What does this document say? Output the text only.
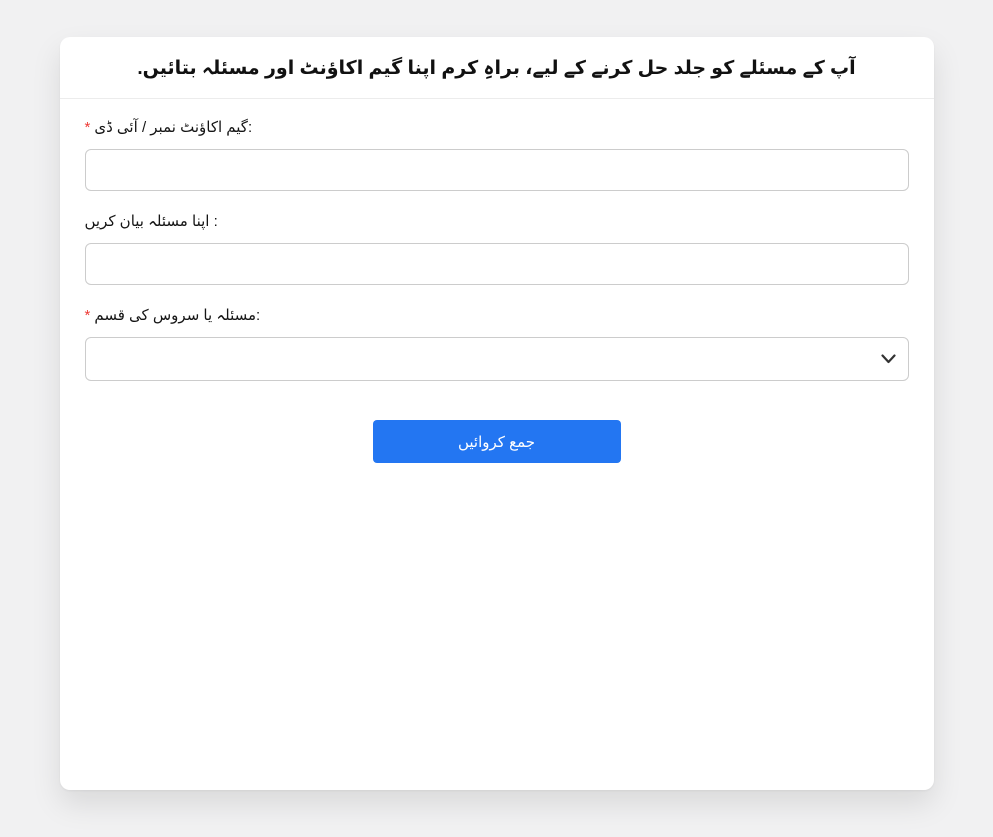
آپ کے مسئلے کو جلد حل کرنے کے لیے، براہِ کرم اپنا گیم اکاؤنٹ اور مسئلہ بتائیں.
* گیم اکاؤنٹ نمبر / آئی ڈی:
اپنا مسئلہ بیان کریں :
* مسئلہ یا سروس کی قسم:
جمع کروائیں
